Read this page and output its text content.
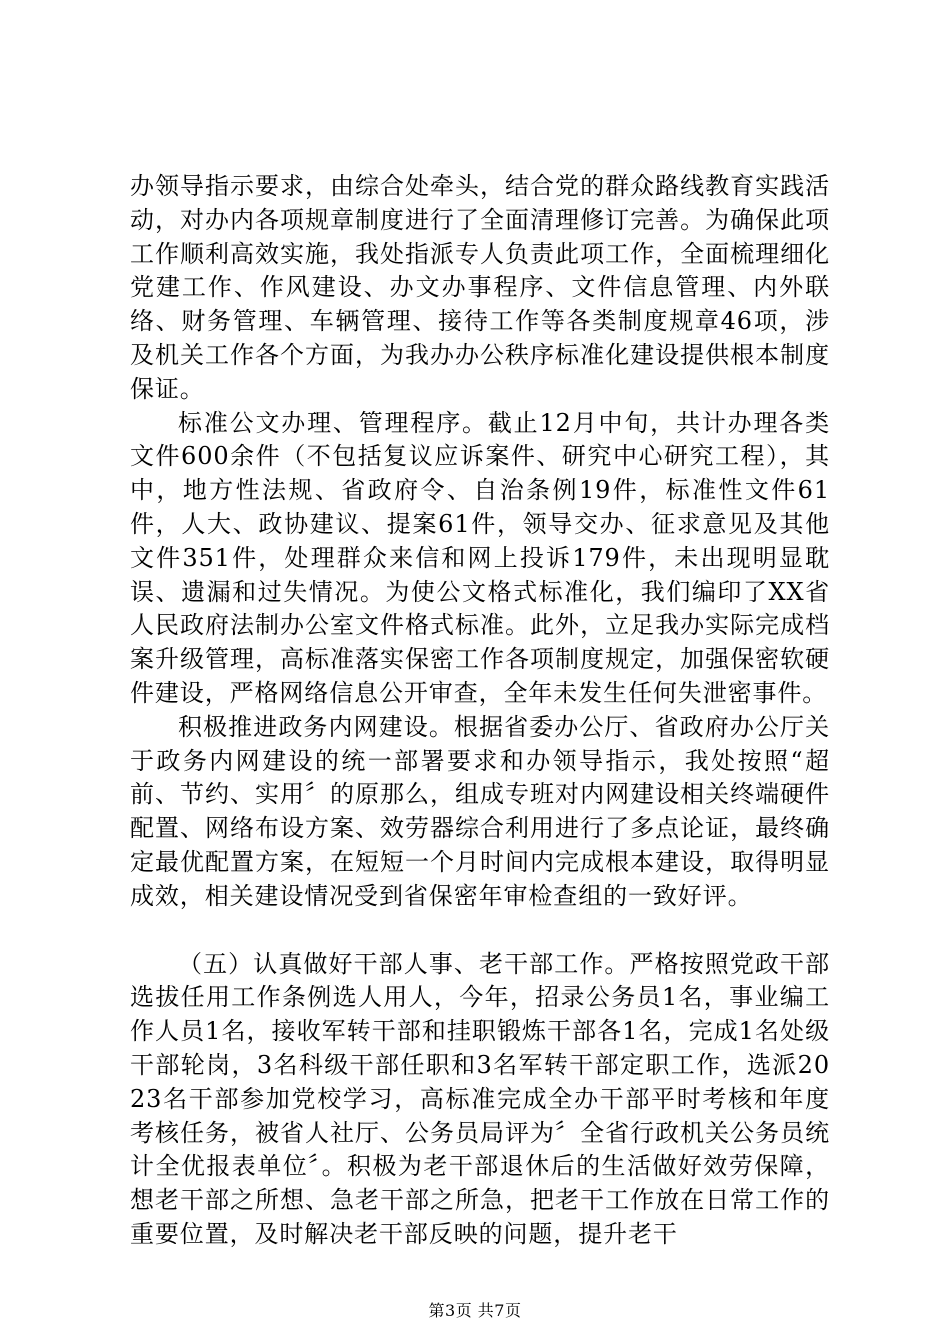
办领导指示要求，由综合处牵头，结合党的群众路线教育实践活动，对办内各项规章制度进行了全面清理修订完善。为确保此项工作顺利高效实施，我处指派专人负责此项工作，全面梳理细化党建工作、作风建设、办文办事程序、文件信息管理、内外联络、财务管理、车辆管理、接待工作等各类制度规章46项，涉及机关工作各个方面，为我办办公秩序标准化建设提供根本制度保证。

标准公文办理、管理程序。截止12月中旬，共计办理各类文件600余件（不包括复议应诉案件、研究中心研究工程），其中，地方性法规、省政府令、自治条例19件，标准性文件61件，人大、政协建议、提案61件，领导交办、征求意见及其他文件351件，处理群众来信和网上投诉179件，未出现明显耽误、遗漏和过失情况。为使公文格式标准化，我们编印了XX省人民政府法制办公室文件格式标准。此外，立足我办实际完成档案升级管理，高标准落实保密工作各项制度规定，加强保密软硬件建设，严格网络信息公开审查，全年未发生任何失泄密事件。

积极推进政务内网建设。根据省委办公厅、省政府办公厅关于政务内网建设的统一部署要求和办领导指示，我处按照“超前、节约、实用〞的原那么，组成专班对内网建设相关终端硬件配置、网络布设方案、效劳器综合利用进行了多点论证，最终确定最优配置方案，在短短一个月时间内完成根本建设，取得明显成效，相关建设情况受到省保密年审检查组的一致好评。

（五）认真做好干部人事、老干部工作。严格按照党政干部选拔任用工作条例选人用人，今年，招录公务员1名，事业编工作人员1名，接收军转干部和挂职锻炼干部各1名，完成1名处级干部轮岗，3名科级干部任职和3名军转干部定职工作，选派2023名干部参加党校学习，高标准完成全办干部平时考核和年度考核任务，被省人社厅、公务员局评为〞全省行政机关公务员统计全优报表单位〞。积极为老干部退休后的生活做好效劳保障，想老干部之所想、急老干部之所急，把老干工作放在日常工作的重要位置，及时解决老干部反映的问题，提升老干

第3页 共7页
